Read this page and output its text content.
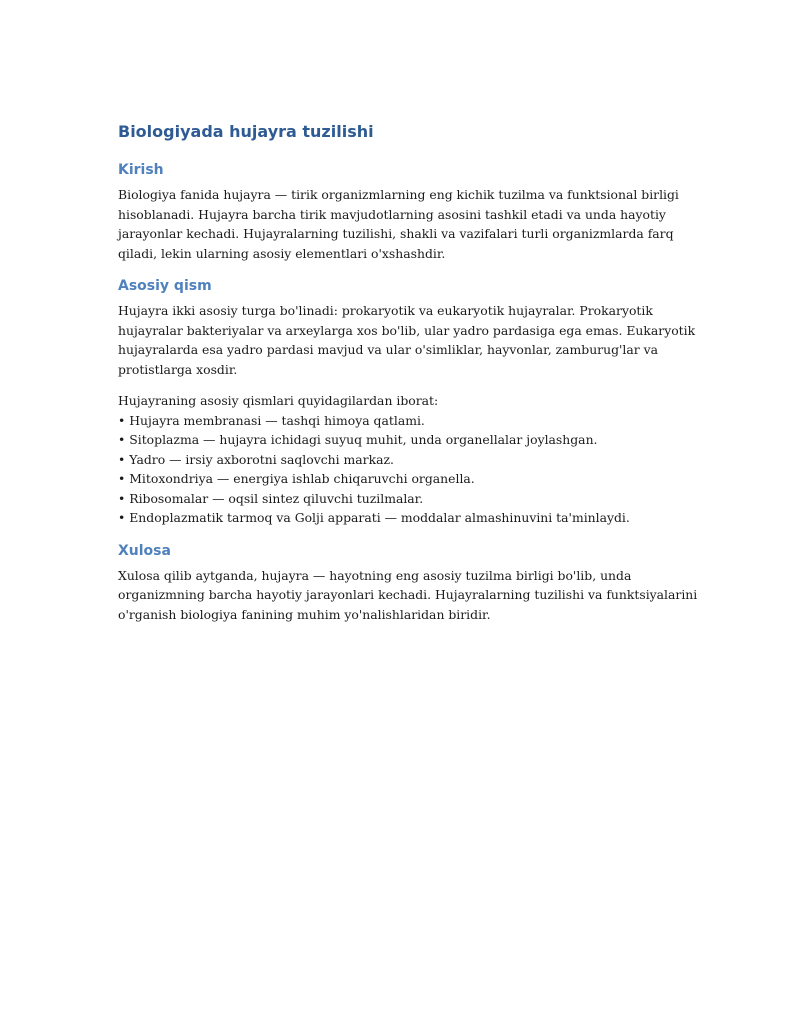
Biologiyada hujayra tuzilishi
Kirish
Biologiya fanida hujayra — tirik organizmlarning eng kichik tuzilma va funktsional birligi
hisoblanadi. Hujayra barcha tirik mavjudotlarning asosini tashkil etadi va unda hayotiy
jarayonlar kechadi. Hujayralarning tuzilishi, shakli va vazifalari turli organizmlarda farq
qiladi, lekin ularning asosiy elementlari o'xshashdir.
Asosiy qism
Hujayra ikki asosiy turga bo'linadi: prokaryotik va eukaryotik hujayralar. Prokaryotik
hujayralar bakteriyalar va arxeylarga xos bo'lib, ular yadro pardasiga ega emas. Eukaryotik
hujayralarda esa yadro pardasi mavjud va ular o'simliklar, hayvonlar, zamburug'lar va
protistlarga xosdir.
Hujayraning asosiy qismlari quyidagilardan iborat:
• Hujayra membranasi — tashqi himoya qatlami.
• Sitoplazma — hujayra ichidagi suyuq muhit, unda organellalar joylashgan.
• Yadro — irsiy axborotni saqlovchi markaz.
• Mitoxondriya — energiya ishlab chiqaruvchi organella.
• Ribosomalar — oqsil sintez qiluvchi tuzilmalar.
• Endoplazmatik tarmoq va Golji apparati — moddalar almashinuvini ta'minlaydi.
Xulosa
Xulosa qilib aytganda, hujayra — hayotning eng asosiy tuzilma birligi bo'lib, unda
organizmning barcha hayotiy jarayonlari kechadi. Hujayralarning tuzilishi va funktsiyalarini
o'rganish biologiya fanining muhim yo'nalishlaridan biridir.
